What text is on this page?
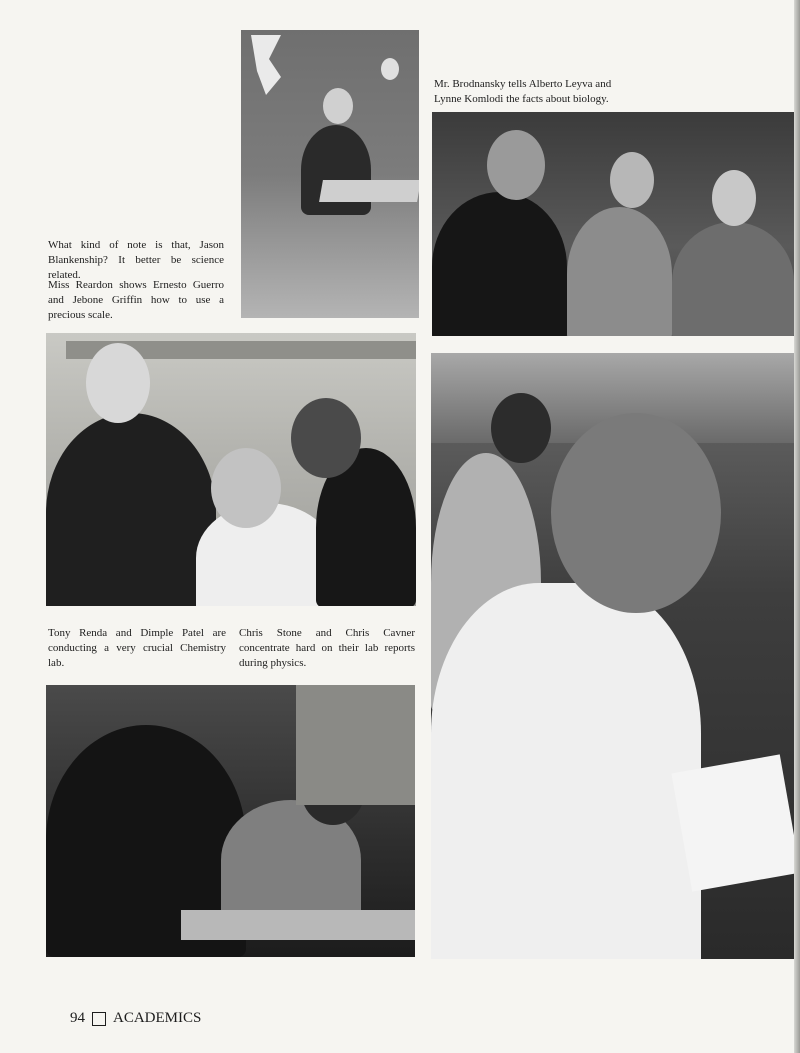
What kind of note is that, Jason Blankenship? It better be science related.

Miss Reardon shows Ernesto Guerro and Jebone Griffin how to use a precious scale.

Mr. Brodnansky tells Alberto Leyva and Lynne Komlodi the facts about biology.

Tony Renda and Dimple Patel are conducting a very crucial Chemistry lab.

Chris Stone and Chris Cavner concentrate hard on their lab reports during physics.

94 ACADEMICS
